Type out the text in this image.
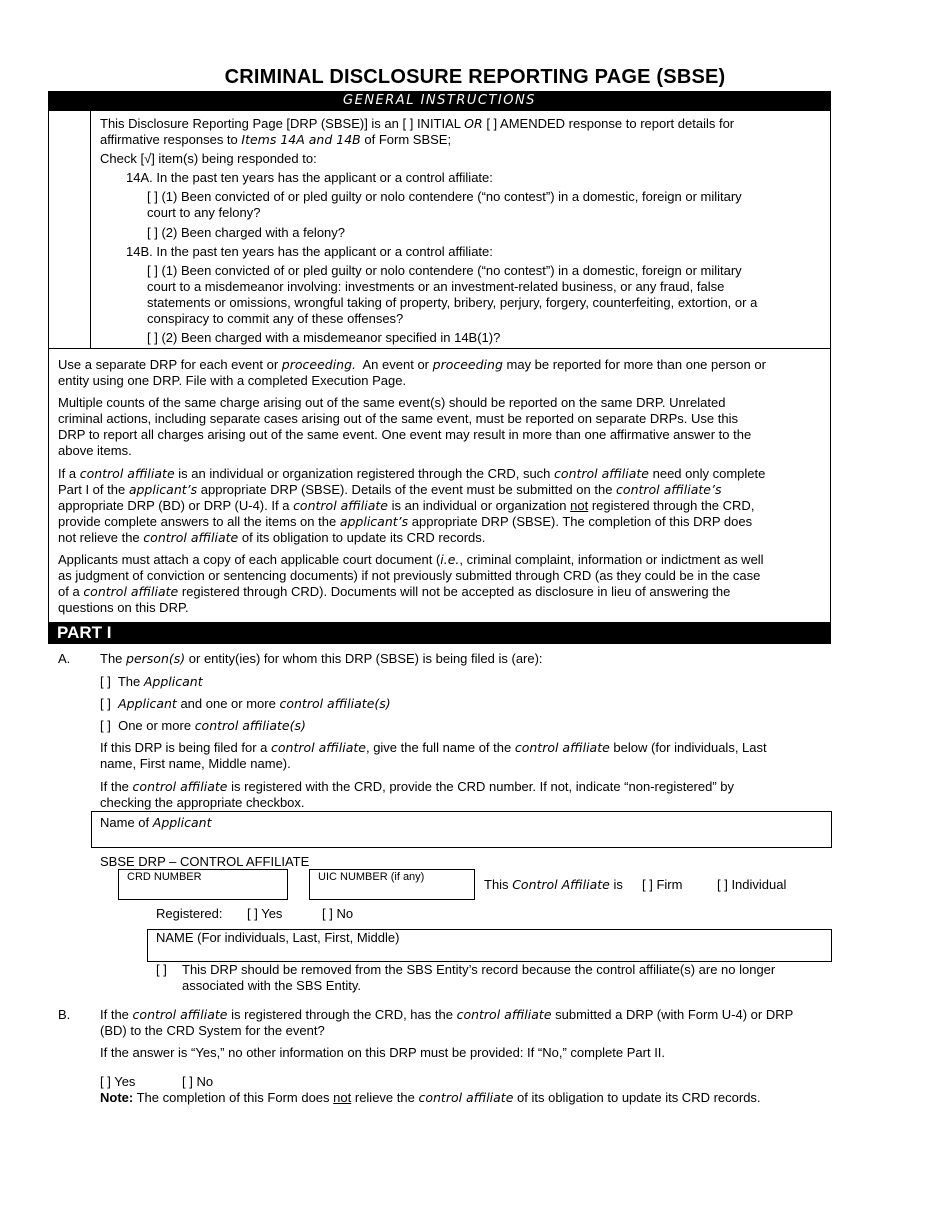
CRIMINAL DISCLOSURE REPORTING PAGE (SBSE)
GENERAL INSTRUCTIONS

This Disclosure Reporting Page [DRP (SBSE)] is an [ ] INITIAL OR [ ] AMENDED response to report details for

affirmative responses to Items 14A and 14B of Form SBSE;

Check [√] item(s) being responded to:
14A. In the past ten years has the applicant or a control affiliate:

[ ] (1) Been convicted of or pled guilty or nolo contendere (“no contest”) in a domestic, foreign or military

court to any felony?

[ ] (2) Been charged with a felony?
14B. In the past ten years has the applicant or a control affiliate:

[ ] (1) Been convicted of or pled guilty or nolo contendere (“no contest”) in a domestic, foreign or military

court to a misdemeanor involving: investments or an investment-related business, or any fraud, false

statements or omissions, wrongful taking of property, bribery, perjury, forgery, counterfeiting, extortion, or a

conspiracy to commit any of these offenses?

[ ] (2) Been charged with a misdemeanor specified in 14B(1)?

Use a separate DRP for each event or proceeding. An event or proceeding may be reported for more than one person or

entity using one DRP. File with a completed Execution Page.

Multiple counts of the same charge arising out of the same event(s) should be reported on the same DRP. Unrelated

criminal actions, including separate cases arising out of the same event, must be reported on separate DRPs. Use this

DRP to report all charges arising out of the same event. One event may result in more than one affirmative answer to the

above items.

If a control affiliate is an individual or organization registered through the CRD, such control affiliate need only complete

Part I of the applicant’s appropriate DRP (SBSE). Details of the event must be submitted on the control affiliate’s

appropriate DRP (BD) or DRP (U-4). If a control affiliate is an individual or organization not registered through the CRD,

provide complete answers to all the items on the applicant’s appropriate DRP (SBSE). The completion of this DRP does

not relieve the control affiliate of its obligation to update its CRD records.

Applicants must attach a copy of each applicable court document (i.e., criminal complaint, information or indictment as well

as judgment of conviction or sentencing documents) if not previously submitted through CRD (as they could be in the case

of a control affiliate registered through CRD). Documents will not be accepted as disclosure in lieu of answering the

questions on this DRP.

PART I
A. The person(s) or entity(ies) for whom this DRP (SBSE) is being filed is (are):
[ ] The Applicant
[ ] Applicant and one or more control affiliate(s)
[ ] One or more control affiliate(s)

If this DRP is being filed for a control affiliate, give the full name of the control affiliate below (for individuals, Last

name, First name, Middle name).

If the control affiliate is registered with the CRD, provide the CRD number. If not, indicate “non-registered” by

checking the appropriate checkbox.

Name of Applicant
SBSE DRP – CONTROL AFFILIATE
CRD NUMBER	UIC NUMBER (if any)	This Control Affiliate is [ ] Firm	[ ] Individual
Registered: [ ] Yes	[ ] No
NAME (For individuals, Last, First, Middle)
[ ] This DRP should be removed from the SBS Entity’s record because the control affiliate(s) are no longer

associated with the SBS Entity.

B. If the control affiliate is registered through the CRD, has the control affiliate submitted a DRP (with Form U-4) or DRP

(BD) to the CRD System for the event?

If the answer is “Yes,” no other information on this DRP must be provided: If “No,” complete Part II.
[ ] Yes	[ ] No
Note: The completion of this Form does not relieve the control affiliate of its obligation to update its CRD records.
